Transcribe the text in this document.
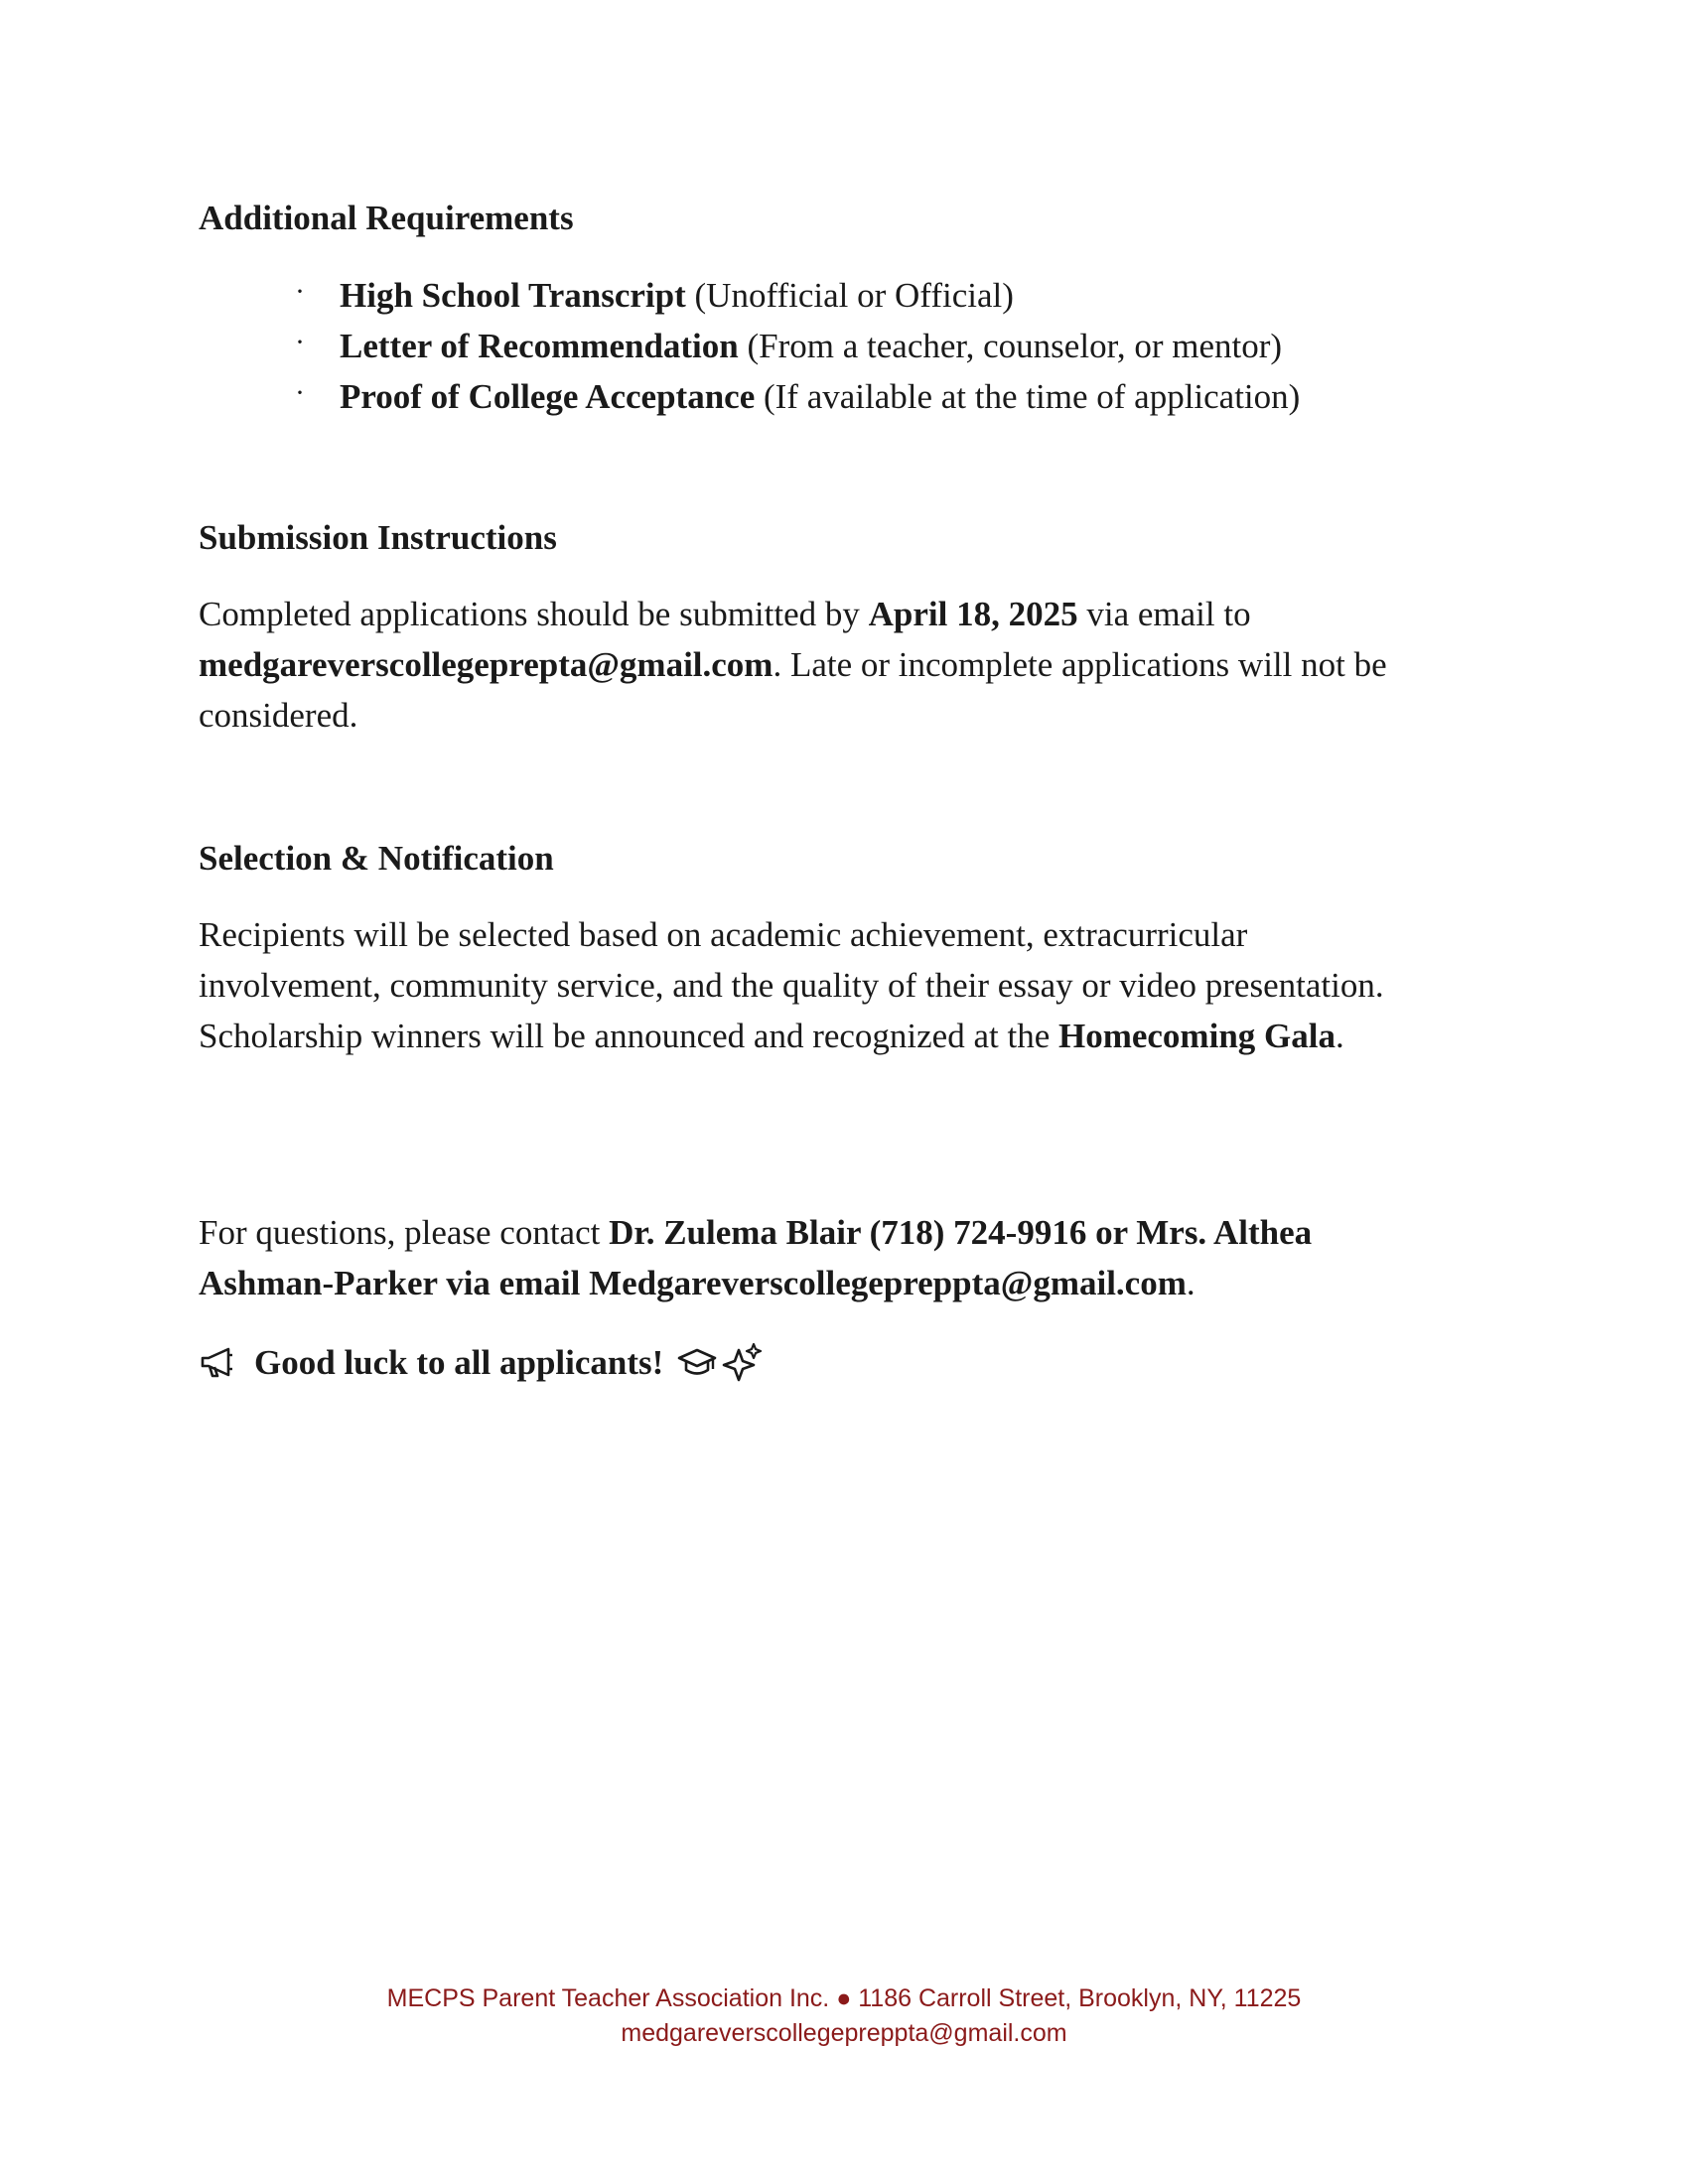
Additional Requirements
· High School Transcript (Unofficial or Official)
· Letter of Recommendation (From a teacher, counselor, or mentor)
· Proof of College Acceptance (If available at the time of application)
Submission Instructions

Completed applications should be submitted by April 18, 2025 via email to medgareverscollegeprepta@gmail.com. Late or incomplete applications will not be considered.

Selection & Notification

Recipients will be selected based on academic achievement, extracurricular involvement, community service, and the quality of their essay or video presentation. Scholarship winners will be announced and recognized at the Homecoming Gala.

For questions, please contact Dr. Zulema Blair (718) 724-9916 or Mrs. Althea Ashman-Parker via email Medgareverscollegepreppta@gmail.com.

Good luck to all applicants!
MECPS Parent Teacher Association Inc. ● 1186 Carroll Street, Brooklyn, NY, 11225
medgareverscollegepreppta@gmail.com
